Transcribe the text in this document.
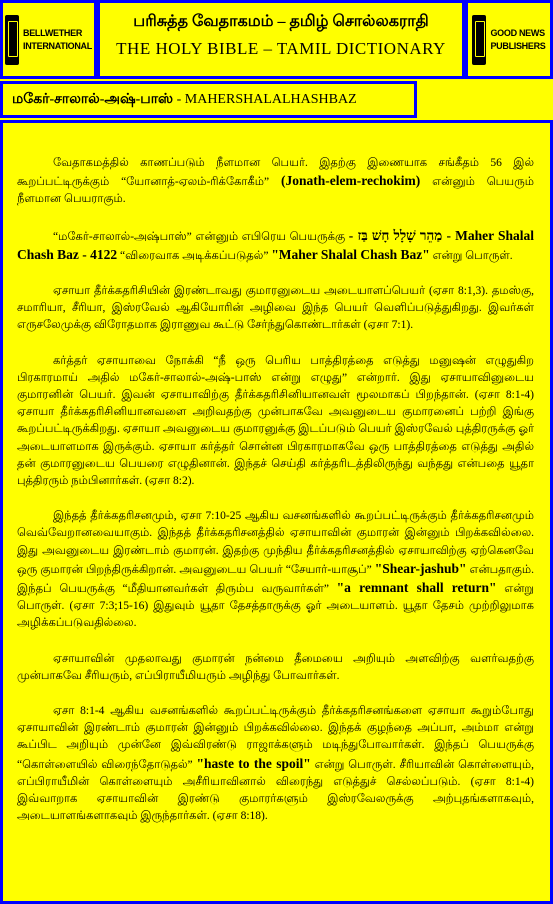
BELLWETHER
INTERNATIONAL
பரிசுத்த வேதாகமம் – தமிழ் சொல்லகராதி
THE HOLY BIBLE – TAMIL DICTIONARY
GOOD NEWS
PUBLISHERS
மகேர்-சாலால்-அஷ்-பாஸ் - MAHERSHALALHASHBAZ

வேதாகமத்தில் காணப்படும் நீளமான பெயர். இதற்கு இணையாக சங்கீதம் 56 இல் கூறப்பட்டிருக்கும் “யோனாத்-ஏலம்-ரிக்கோகீம்” (Jonath-elem-rechokim) என்னும் பெயரும் நீளமான பெயராகும்.

“மகேர்-சாலால்-அஷ்பாஸ்” என்னும் எபிரெய பெயருக்கு - מַהֵר שָׁלָל חָשׁ בַּז - Maher Shalal Chash Baz - 4122 “விரைவாக அடிக்கப்படுதல்” "Maher Shalal Chash Baz" என்று பொருள்.

ஏசாயா தீர்க்கதரிசியின் இரண்டாவது குமாரனுடைய அடையாளப்பெயர் (ஏசா 8:1,3). தமஸ்கு, சமாரியா, சீரியா, இஸ்ரவேல் ஆகியோரின் அழிவை இந்த பெயர் வெளிப்படுத்துகிறது. இவர்கள் எருசலேமுக்கு விரோதமாக இராணுவ கூட்டு சேர்ந்துகொண்டார்கள் (ஏசா 7:1).

கர்த்தர் ஏசாயாவை நோக்கி “நீ ஒரு பெரிய பாத்திரத்தை எடுத்து மனுஷன் எழுதுகிற பிரகாரமாய் அதில் மகேர்-சாலால்-அஷ்-பாஸ் என்று எழுது” என்றார். இது ஏசாயாவினுடைய குமாரனின் பெயர். இவன் ஏசாயாவிற்கு தீர்க்கதரிசினியானவள் மூலமாகப் பிறந்தான். (ஏசா 8:1-4) ஏசாயா தீர்க்கதரிசினியானவளை அறிவதற்கு முன்பாகவே அவனுடைய குமாரனைப் பற்றி இங்கு கூறப்பட்டிருக்கிறது. ஏசாயா அவனுடைய குமாரனுக்கு இடப்படும் பெயர் இஸ்ரவேல் புத்திரருக்கு ஓர் அடையாளமாக இருக்கும். ஏசாயா கர்த்தர் சொன்ன பிரகாரமாகவே ஒரு பாத்திரத்தை எடுத்து அதில் தன் குமாரனுடைய பெயரை எழுதினான். இந்தச் செய்தி கர்த்தரிடத்திலிருந்து வந்தது என்பதை யூதா புத்திரரும் நம்பினார்கள். (ஏசா 8:2).

இந்தத் தீர்க்கதரிசனமும், ஏசா 7:10-25 ஆகிய வசனங்களில் கூறப்பட்டிருக்கும் தீர்க்கதரிசனமும் வெவ்வேறானவையாகும். இந்தத் தீர்க்கதரிசனத்தில் ஏசாயாவின் குமாரன் இன்னும் பிறக்கவில்லை. இது அவனுடைய இரண்டாம் குமாரன். இதற்கு முந்திய தீர்க்கதரிசனத்தில் ஏசாயாவிற்கு ஏற்கெனவே ஒரு குமாரன் பிறந்திருக்கிறான். அவனுடைய பெயர் “சேயார்-யாசூப்” "Shear-jashub" என்பதாகும். இந்தப் பெயருக்கு “மீதியானவர்கள் திரும்ப வருவார்கள்” "a remnant shall return" என்று பொருள். (ஏசா 7:3;15-16) இதுவும் யூதா தேசத்தாருக்கு ஓர் அடையாளம். யூதா தேசம் முற்றிலுமாக அழிக்கப்படுவதில்லை.

ஏசாயாவின் முதலாவது குமாரன் நன்மை தீமையை அறியும் அளவிற்கு வளர்வதற்கு முன்பாகவே சீரியரும், எப்பிராயீமியரும் அழிந்து போவார்கள்.

ஏசா 8:1-4 ஆகிய வசனங்களில் கூறப்பட்டிருக்கும் தீர்க்கதரிசனங்களை ஏசாயா கூறும்போது ஏசாயாவின் இரண்டாம் குமாரன் இன்னும் பிறக்கவில்லை. இந்தக் குழந்தை அப்பா, அம்மா என்று கூப்பிட அறியும் முன்னே இவ்விரண்டு ராஜாக்களும் மடிந்துபோவார்கள். இந்தப் பெயருக்கு “கொள்ளையில் விரைந்தோடுதல்” "haste to the spoil" என்று பொருள். சீரியாவின் கொள்ளையும், எப்பிராயீமின் கொள்ளையும் அசீரியாவினால் விரைந்து எடுத்துச் செல்லப்படும். (ஏசா 8:1-4) இவ்வாறாக ஏசாயாவின் இரண்டு குமாரர்களும் இஸ்ரவேலருக்கு அற்புதங்களாகவும், அடையாளங்களாகவும் இருந்தார்கள். (ஏசா 8:18).
